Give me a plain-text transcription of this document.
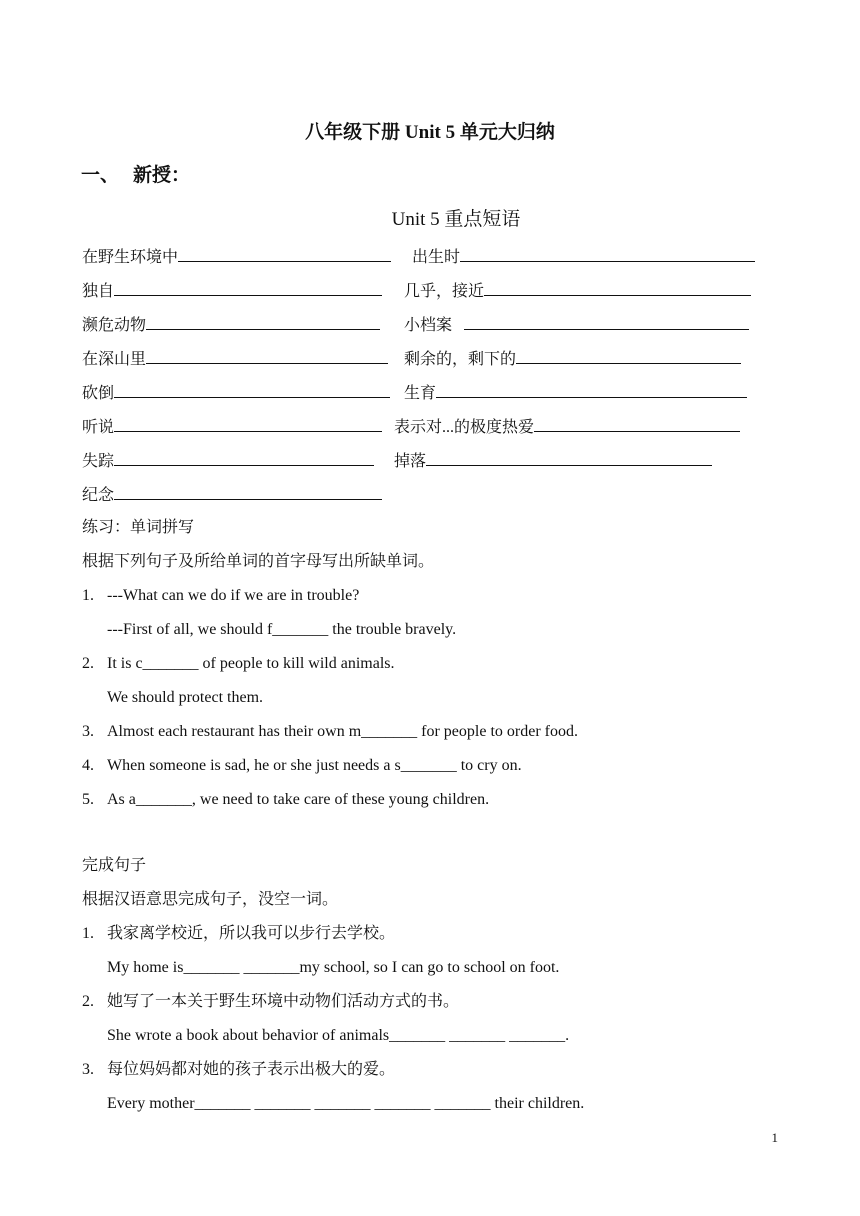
八年级下册 Unit 5 单元大归纳
一、 新授：
Unit 5 重点短语
在野生环境中	出生时
独自	几乎，接近
濒危动物	小档案
在深山里	剩余的，剩下的
砍倒	生育
听说	表示对...的极度热爱
失踪	掉落
纪念
练习：单词拼写
根据下列句子及所给单词的首字母写出所缺单词。
1. ---What can we do if we are in trouble?
---First of all, we should f_______ the trouble bravely.
2. It is c_______ of people to kill wild animals.
We should protect them.
3. Almost each restaurant has their own m_______ for people to order food.
4. When someone is sad, he or she just needs a s_______ to cry on.
5. As a_______, we need to take care of these young children.
完成句子
根据汉语意思完成句子，没空一词。
1. 我家离学校近，所以我可以步行去学校。
My home is_______ _______my school, so I can go to school on foot.
2. 她写了一本关于野生环境中动物们活动方式的书。
She wrote a book about behavior of animals_______ _______ _______.
3. 每位妈妈都对她的孩子表示出极大的爱。
Every mother_______ _______ _______ _______ _______ their children.
1
